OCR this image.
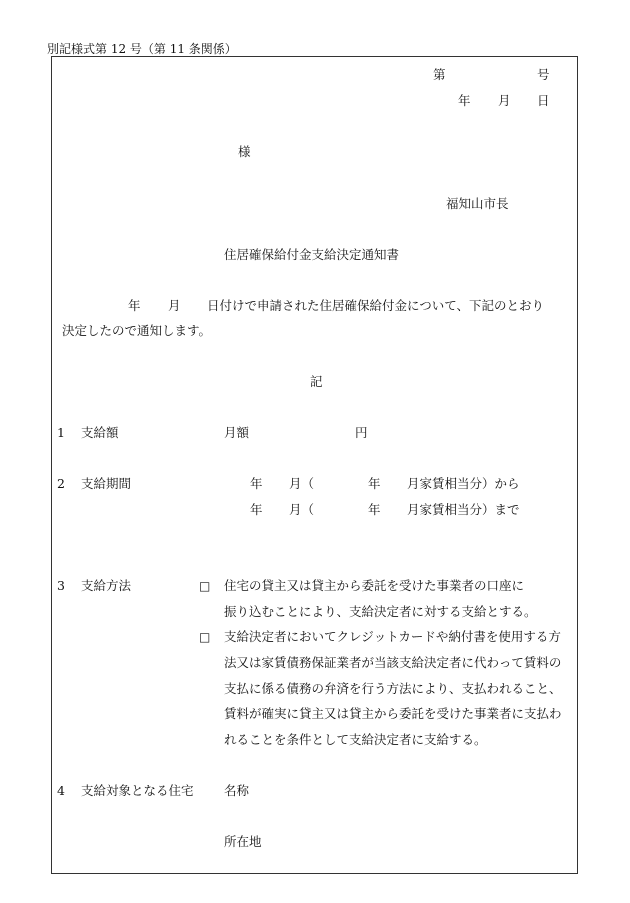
別記様式第 12 号（第 11 条関係）
第	号
年 月 日
様
福知山市長
住居確保給付金支給決定通知書
年 月 日付けで申請された住居確保給付金について、下記のとおり
決定したので通知します。
記
1 支給額	月額	円
2 支給期間	年 月（	年 月家賃相当分）から
年 月（	年 月家賃相当分）まで
3 支給方法	□ 住宅の貸主又は貸主から委託を受けた事業者の口座に
振り込むことにより、支給決定者に対する支給とする。
□ 支給決定者においてクレジットカードや納付書を使用する方
法又は家賃債務保証業者が当該支給決定者に代わって賃料の
支払に係る債務の弁済を行う方法により、支払われること、
賃料が確実に貸主又は貸主から委託を受けた事業者に支払わ
れることを条件として支給決定者に支給する。
4 支給対象となる住宅 名称
所在地
